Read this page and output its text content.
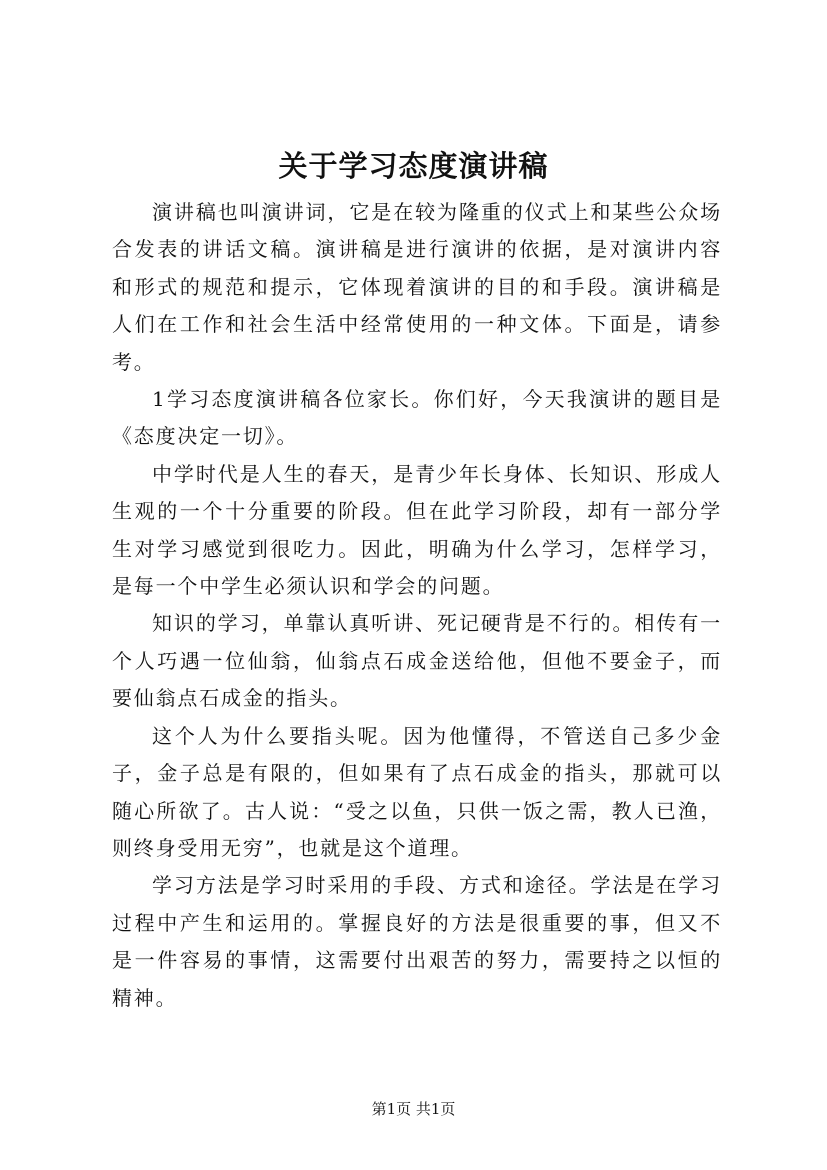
关于学习态度演讲稿

演讲稿也叫演讲词，它是在较为隆重的仪式上和某些公众场合发表的讲话文稿。演讲稿是进行演讲的依据，是对演讲内容和形式的规范和提示，它体现着演讲的目的和手段。演讲稿是人们在工作和社会生活中经常使用的一种文体。下面是，请参考。

1学习态度演讲稿各位家长。你们好，今天我演讲的题目是《态度决定一切》。

中学时代是人生的春天，是青少年长身体、长知识、形成人生观的一个十分重要的阶段。但在此学习阶段，却有一部分学生对学习感觉到很吃力。因此，明确为什么学习，怎样学习，是每一个中学生必须认识和学会的问题。

知识的学习，单靠认真听讲、死记硬背是不行的。相传有一个人巧遇一位仙翁，仙翁点石成金送给他，但他不要金子，而要仙翁点石成金的指头。

这个人为什么要指头呢。因为他懂得，不管送自己多少金子，金子总是有限的，但如果有了点石成金的指头，那就可以随心所欲了。古人说：“受之以鱼，只供一饭之需，教人已渔，则终身受用无穷”，也就是这个道理。

学习方法是学习时采用的手段、方式和途径。学法是在学习过程中产生和运用的。掌握良好的方法是很重要的事，但又不是一件容易的事情，这需要付出艰苦的努力，需要持之以恒的精神。

第1页 共1页
